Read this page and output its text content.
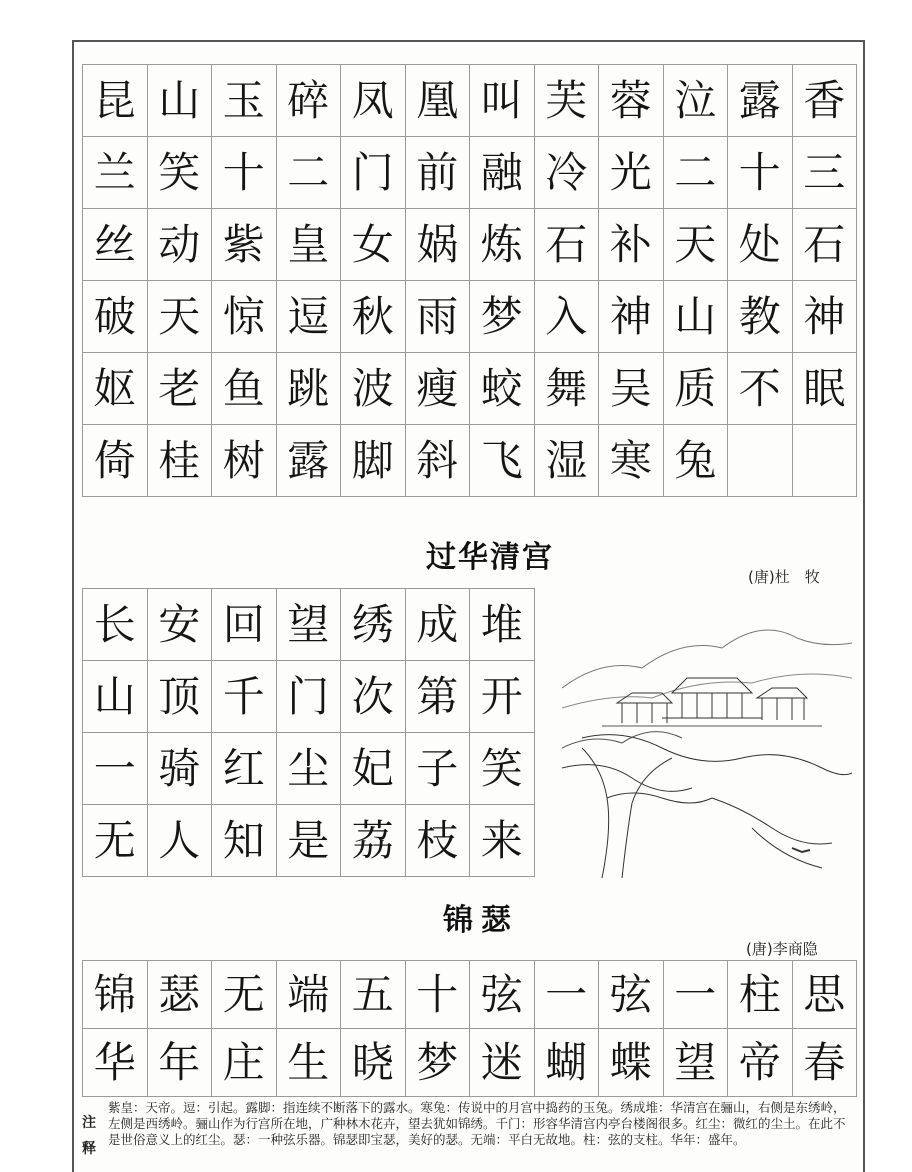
昆 山 玉 碎 凤 凰 叫 芙 蓉 泣 露 香
兰 笑 十 二 门 前 融 冷 光 二 十 三
丝 动 紫 皇 女 娲 炼 石 补 天 处 石
破 天 惊 逗 秋 雨 梦 入 神 山 教 神
妪 老 鱼 跳 波 瘦 蛟 舞 吴 质 不 眠
倚 桂 树 露 脚 斜 飞 湿 寒 兔
过华清宫
(唐)杜　牧
长 安 回 望 绣 成 堆
山 顶 千 门 次 第 开
一 骑 红 尘 妃 子 笑
无 人 知 是 荔 枝 来
锦瑟
(唐)李商隐
锦 瑟 无 端 五 十 弦 一 弦 一 柱 思
华 年 庄 生 晓 梦 迷 蝴 蝶 望 帝 春
注
释
紫皇：天帝。逗：引起。露脚：指连续不断落下的露水。寒兔：传说中的月宫中捣药的玉兔。绣成堆：华清宫在骊山，右侧是东绣岭，左侧是西绣岭。骊山作为行宫所在地，广种林木花卉，望去犹如锦绣。千门：形容华清宫内亭台楼阁很多。红尘：微红的尘土。在此不是世俗意义上的红尘。瑟：一种弦乐器。锦瑟即宝瑟，美好的瑟。无端：平白无故地。柱：弦的支柱。华年：盛年。
